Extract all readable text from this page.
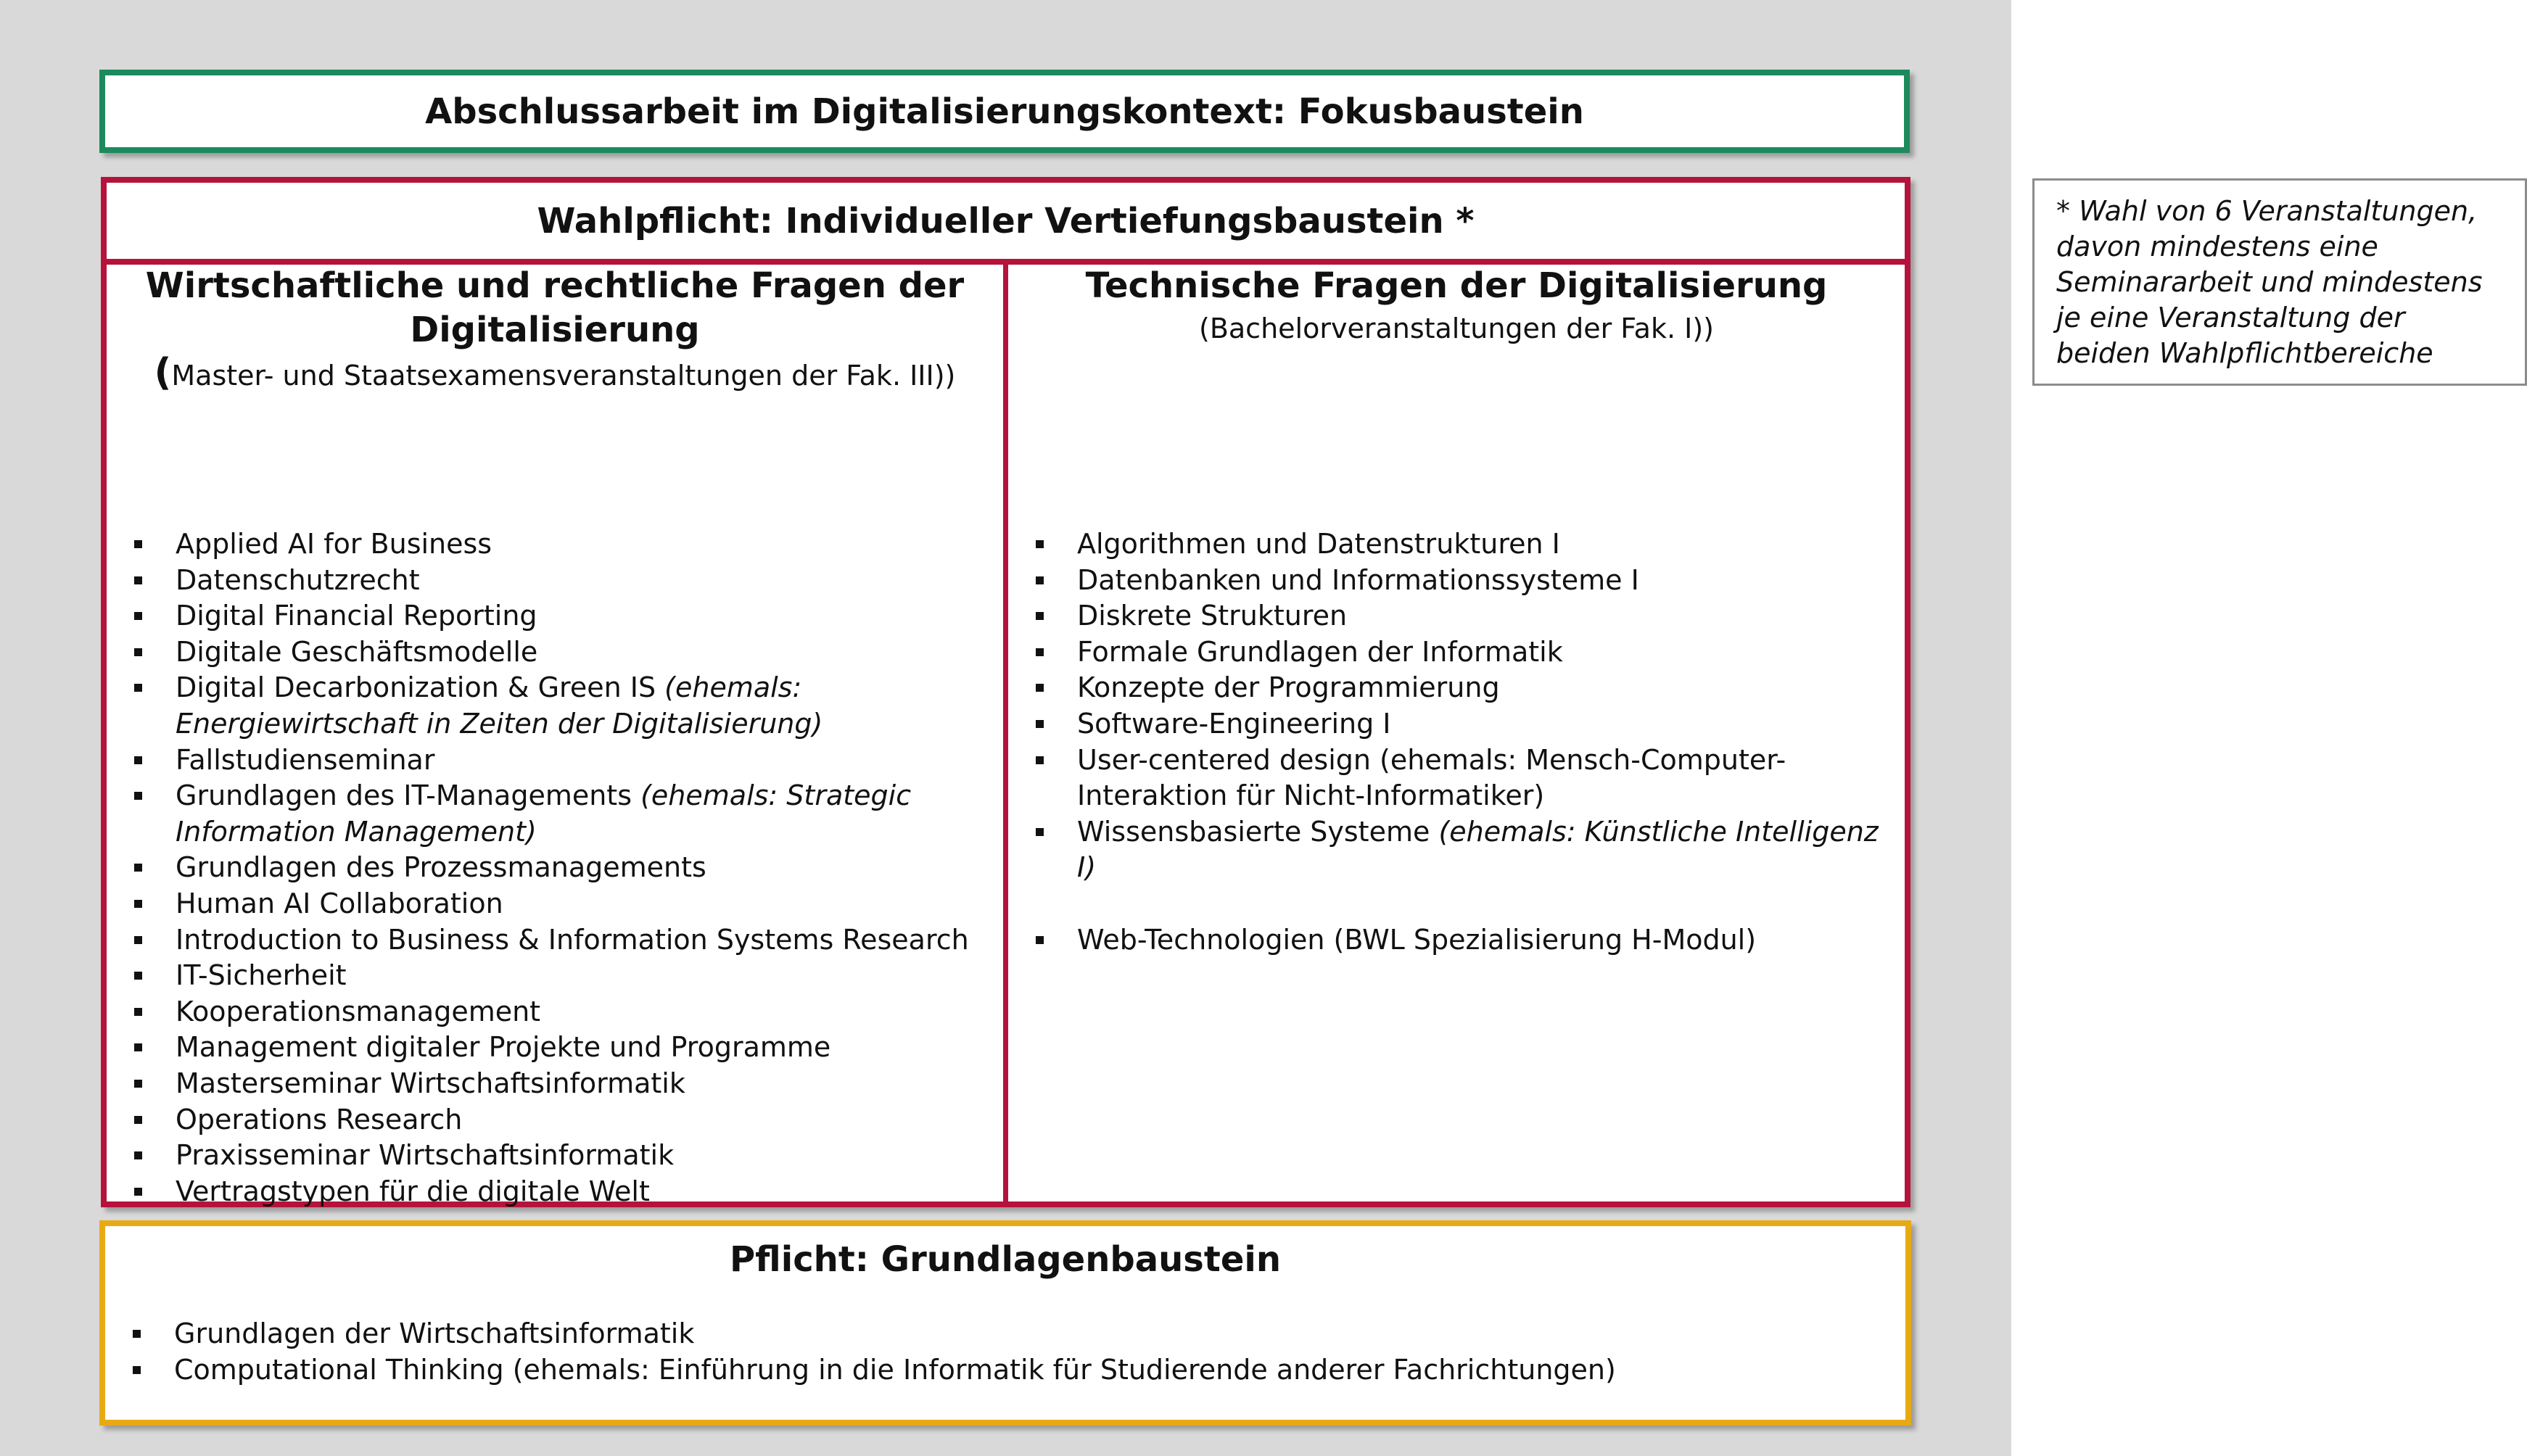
Abschlussarbeit im Digitalisierungskontext: Fokusbaustein

Wahlpflicht: Individueller Vertiefungsbaustein *

Wirtschaftliche und rechtliche Fragen der Digitalisierung

(Master- und Staatsexamensveranstaltungen der Fak. III))

Technische Fragen der Digitalisierung

(Bachelorveranstaltungen der Fak. I))

Applied AI for Business
Datenschutzrecht
Digital Financial Reporting
Digitale Geschäftsmodelle
Digital Decarbonization & Green IS (ehemals: Energiewirtschaft in Zeiten der Digitalisierung)
Fallstudienseminar
Grundlagen des IT-Managements (ehemals: Strategic Information Management)
Grundlagen des Prozessmanagements
Human AI Collaboration
Introduction to Business & Information Systems Research
IT-Sicherheit
Kooperationsmanagement
Management digitaler Projekte und Programme
Masterseminar Wirtschaftsinformatik
Operations Research
Praxisseminar Wirtschaftsinformatik
Vertragstypen für die digitale Welt
Algorithmen und Datenstrukturen I
Datenbanken und Informationssysteme I
Diskrete Strukturen
Formale Grundlagen der Informatik
Konzepte der Programmierung
Software-Engineering I
User-centered design (ehemals: Mensch-Computer-Interaktion für Nicht-Informatiker)
Wissensbasierte Systeme (ehemals: Künstliche Intelligenz I)
Web-Technologien (BWL Spezialisierung H-Modul)

Pflicht: Grundlagenbaustein

Grundlagen der Wirtschaftsinformatik
Computational Thinking (ehemals: Einführung in die Informatik für Studierende anderer Fachrichtungen)
* Wahl von 6 Veranstaltungen, davon mindestens eine Seminararbeit und mindestens je eine Veranstaltung der beiden Wahlpflichtbereiche
